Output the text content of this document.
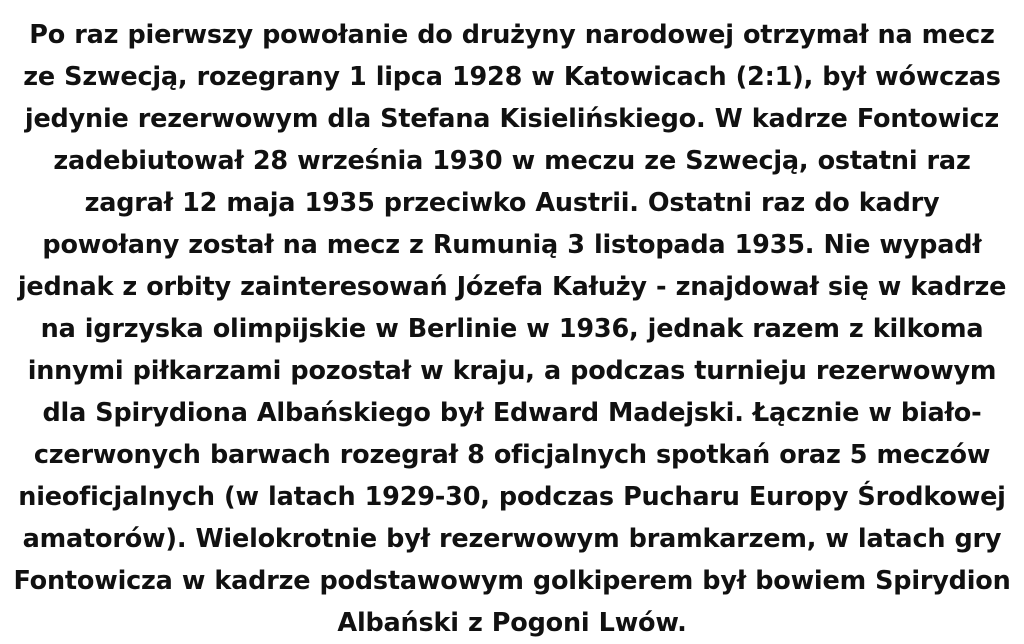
Po raz pierwszy powołanie do drużyny narodowej otrzymał na mecz ze Szwecją, rozegrany 1 lipca 1928 w Katowicach (2:1), był wówczas jedynie rezerwowym dla Stefana Kisielińskiego. W kadrze Fontowicz zadebiutował 28 września 1930 w meczu ze Szwecją, ostatni raz zagrał 12 maja 1935 przeciwko Austrii. Ostatni raz do kadry powołany został na mecz z Rumunią 3 listopada 1935. Nie wypadł jednak z orbity zainteresowań Józefa Kałuży - znajdował się w kadrze na igrzyska olimpijskie w Berlinie w 1936, jednak razem z kilkoma innymi piłkarzami pozostał w kraju, a podczas turnieju rezerwowym dla Spirydiona Albańskiego był Edward Madejski. Łącznie w biało-czerwonych barwach rozegrał 8 oficjalnych spotkań oraz 5 meczów nieoficjalnych (w latach 1929-30, podczas Pucharu Europy Środkowej amatorów). Wielokrotnie był rezerwowym bramkarzem, w latach gry Fontowicza w kadrze podstawowym golkiperem był bowiem Spirydion Albański z Pogoni Lwów.
